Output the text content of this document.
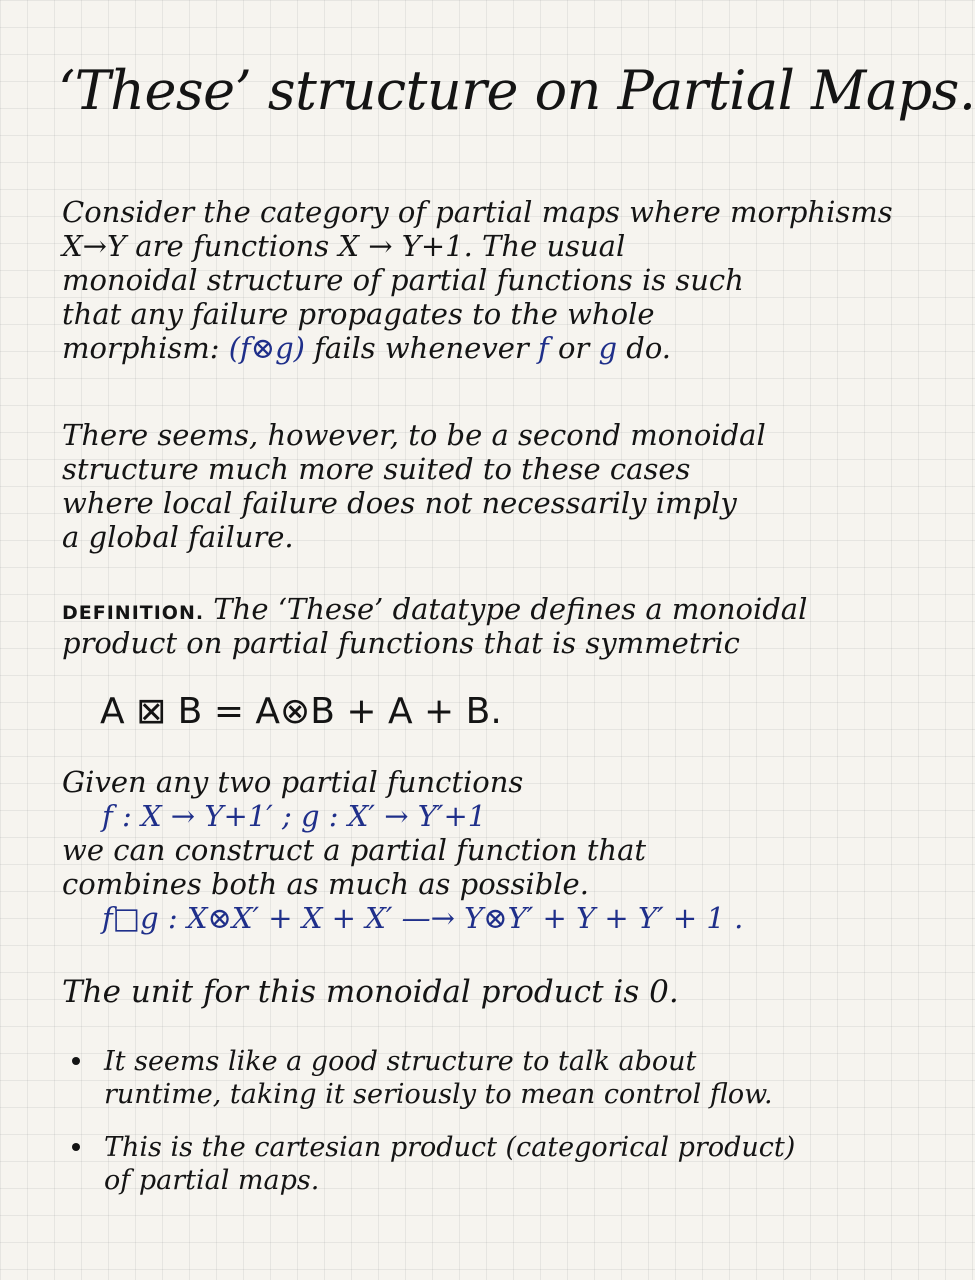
‘These’ structure on Partial Maps.
Consider the category of partial maps where morphisms
X→Y are functions X → Y+1. The usual
monoidal structure of partial functions is such
that any failure propagates to the whole
morphism: (f⊗g) fails whenever f or g do.
There seems, however, to be a second monoidal
structure much more suited to these cases
where local failure does not necessarily imply
a global failure.
DEFINITION. The ‘These’ datatype defines a monoidal
product on partial functions that is symmetric
A ⊠ B = A⊗B + A + B.
Given any two partial functions
f : X → Y+1′ ; g : X′ → Y′+1
we can construct a partial function that
combines both as much as possible.
f□g : X⊗X′ + X + X′ —→ Y⊗Y′ + Y + Y′ + 1 .
The unit for this monoidal product is 0.
It seems like a good structure to talk about
runtime, taking it seriously to mean control flow.
This is the cartesian product (categorical product)
of partial maps.
